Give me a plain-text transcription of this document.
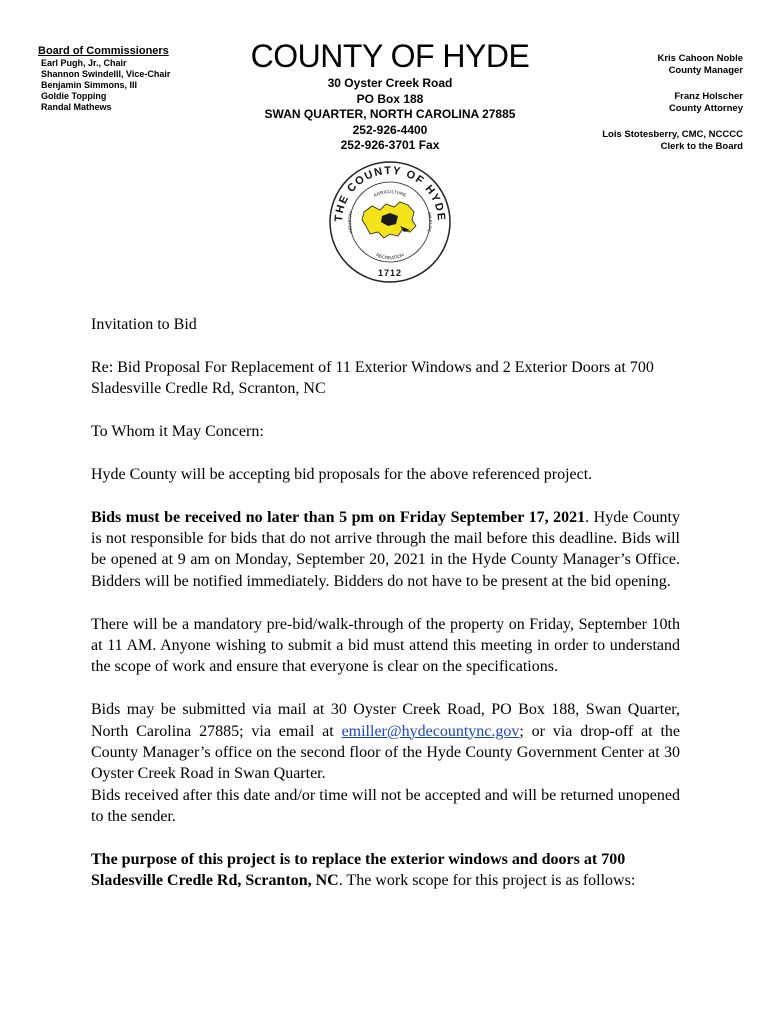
Board of Commissioners
Earl Pugh, Jr., Chair
Shannon Swindelll, Vice-Chair
Benjamin Simmons, III
Goldie Topping
Randal Mathews
COUNTY OF HYDE
30 Oyster Creek Road
PO Box 188
SWAN QUARTER, NORTH CAROLINA 27885
252-926-4400
252-926-3701 Fax
Kris Cahoon Noble
County Manager
Franz Holscher
County Attorney
Lois Stotesberry, CMC, NCCCC
Clerk to the Board
THE COUNTY OF HYDE
AGRICULTURE
RECREATION
INDUSTRY	WILDLIFE
1712

Invitation to Bid

Re: Bid Proposal For Replacement of 11 Exterior Windows and 2 Exterior Doors at 700 Sladesville Credle Rd, Scranton, NC

To Whom it May Concern:

Hyde County will be accepting bid proposals for the above referenced project.

Bids must be received no later than 5 pm on Friday September 17, 2021. Hyde County is not responsible for bids that do not arrive through the mail before this deadline. Bids will be opened at 9 am on Monday, September 20, 2021 in the Hyde County Manager’s Office. Bidders will be notified immediately. Bidders do not have to be present at the bid opening.

There will be a mandatory pre-bid/walk-through of the property on Friday, September 10th at 11 AM. Anyone wishing to submit a bid must attend this meeting in order to understand the scope of work and ensure that everyone is clear on the specifications.

Bids may be submitted via mail at 30 Oyster Creek Road, PO Box 188, Swan Quarter, North Carolina 27885; via email at emiller@hydecountync.gov; or via drop-off at the County Manager’s office on the second floor of the Hyde County Government Center at 30 Oyster Creek Road in Swan Quarter.

Bids received after this date and/or time will not be accepted and will be returned unopened to the sender.

The purpose of this project is to replace the exterior windows and doors at 700 Sladesville Credle Rd, Scranton, NC. The work scope for this project is as follows:
